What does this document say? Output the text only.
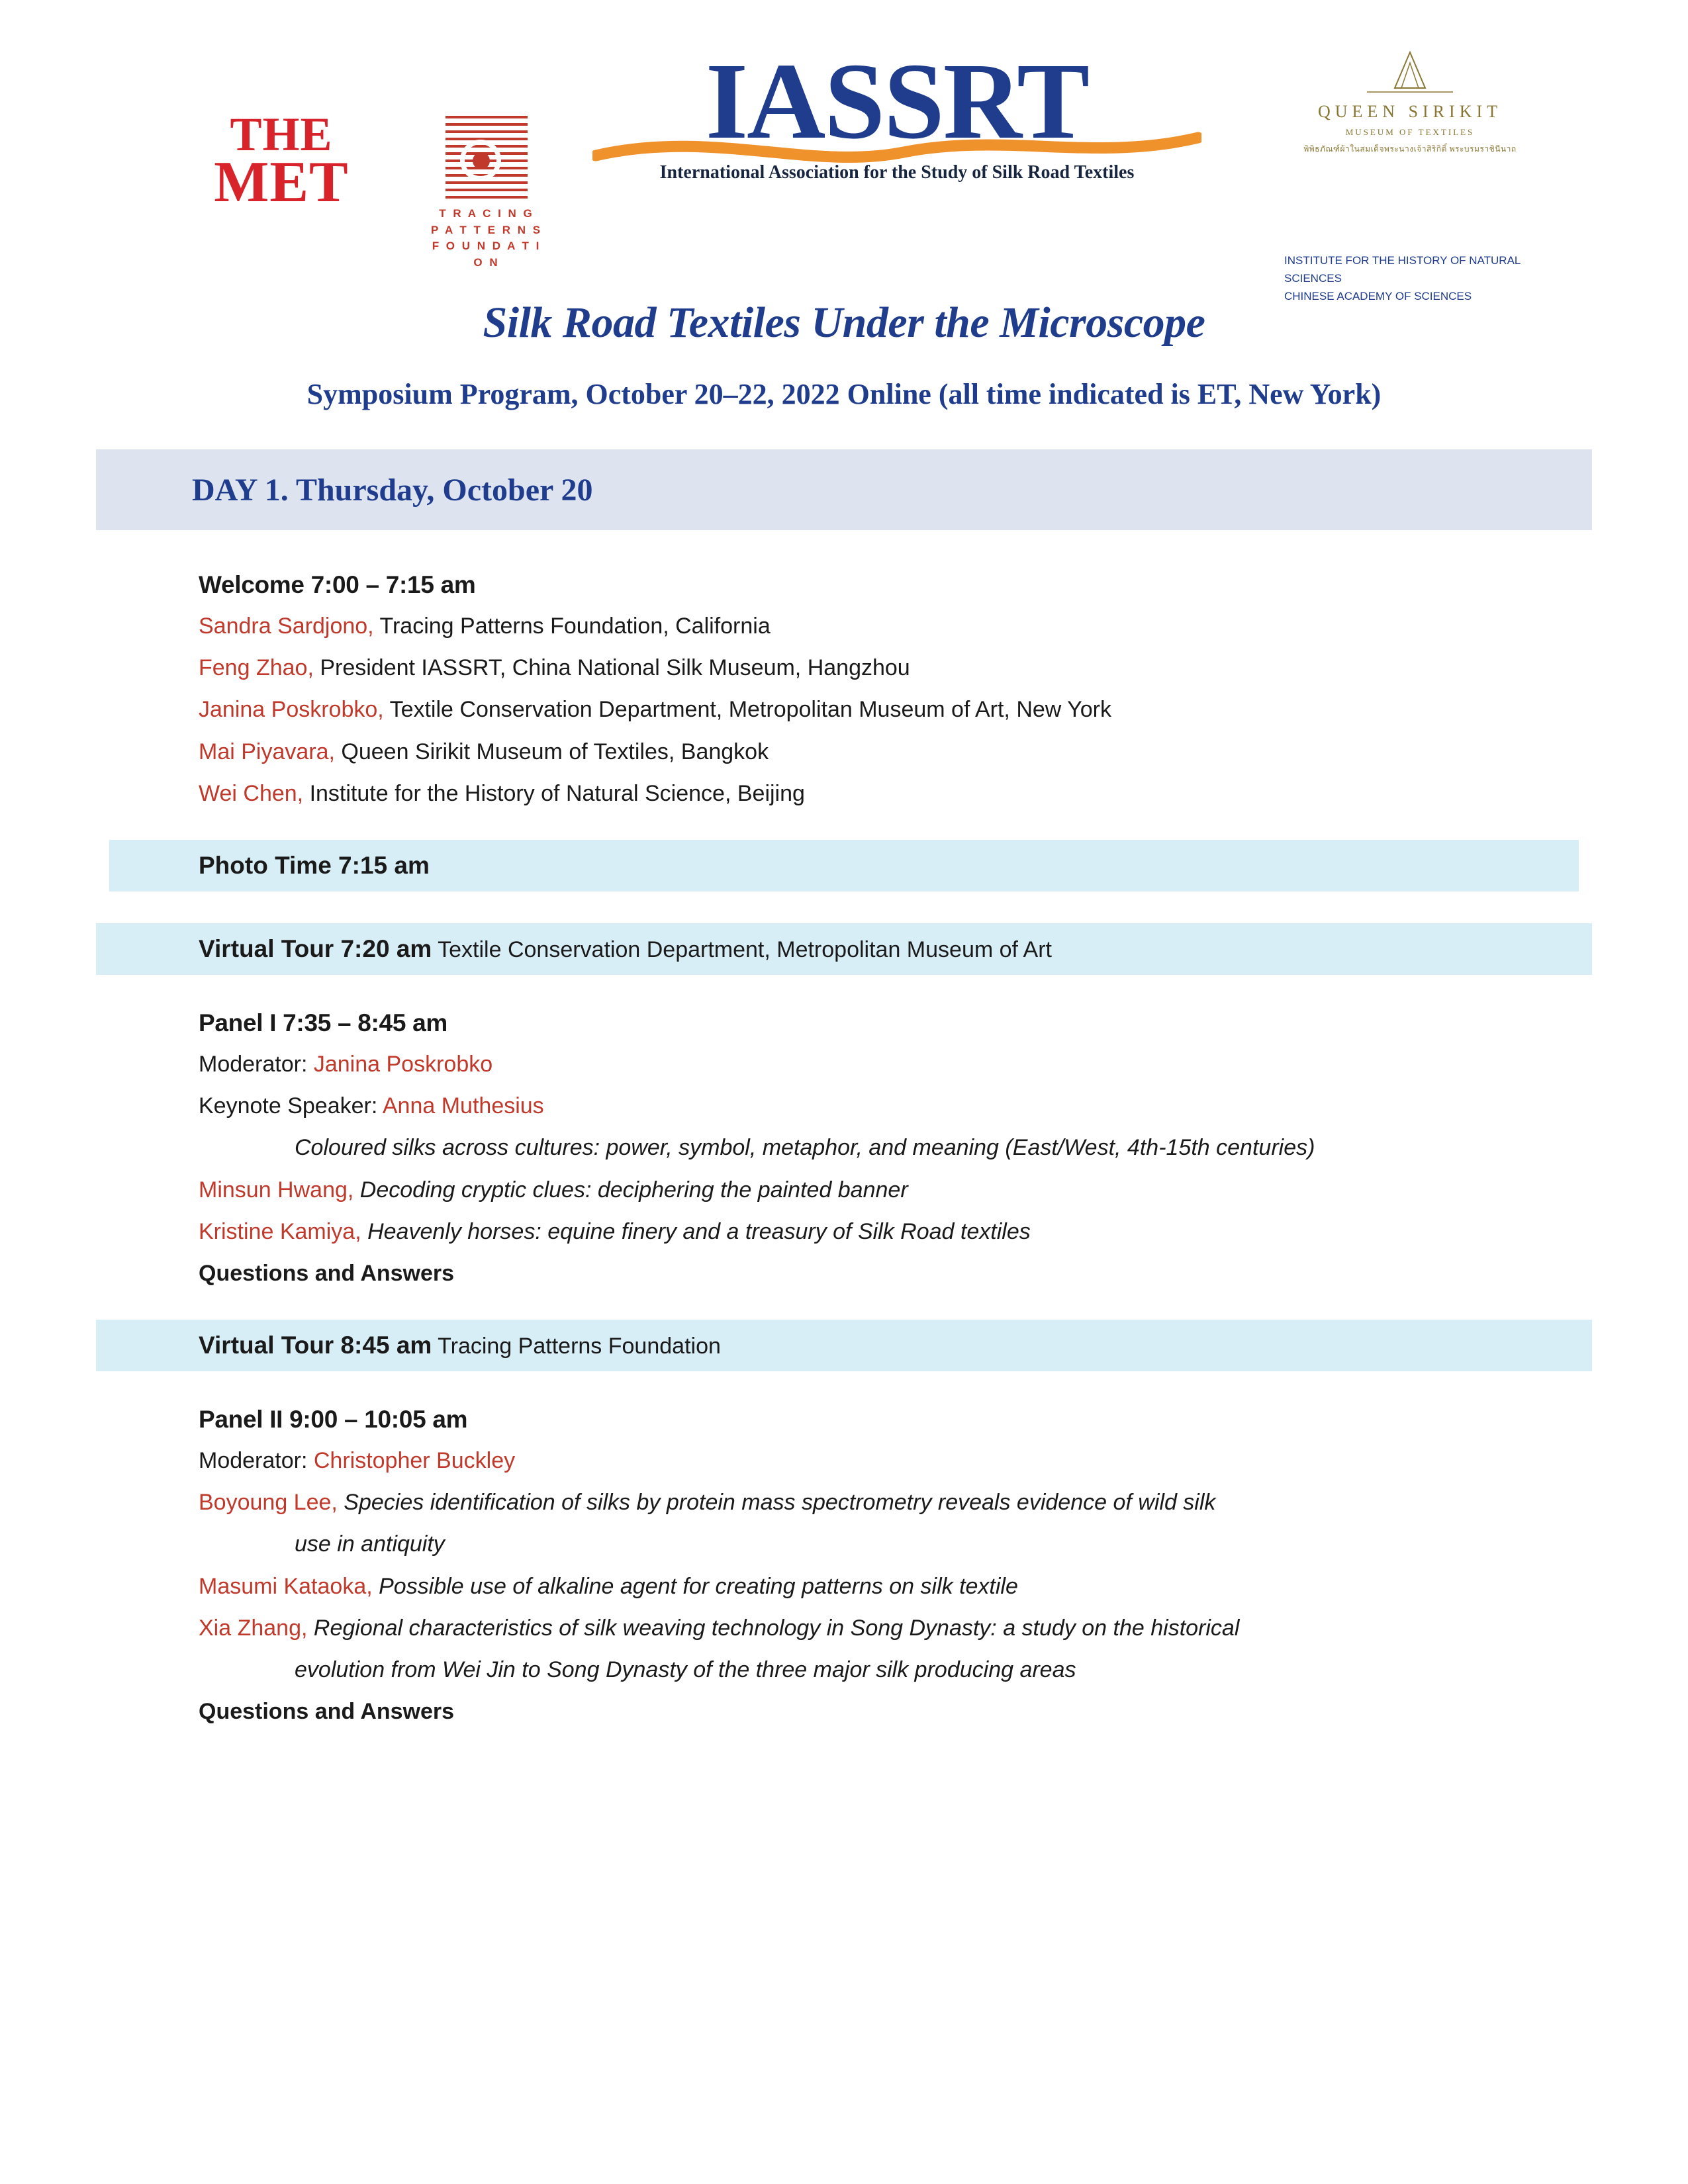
THE
MET	T R A C I N G
P A T T E R N S
F O U N D A T I O N
IASSRT
International Association for the Study of Silk Road Textiles
QUEEN SIRIKIT
MUSEUM OF TEXTILES
พิพิธภัณฑ์ผ้าในสมเด็จพระนางเจ้าสิริกิติ์ พระบรมราชินีนาถ
INSTITUTE FOR THE HISTORY OF NATURAL SCIENCES
CHINESE ACADEMY OF SCIENCES
Silk Road Textiles Under the Microscope
Symposium Program, October 20–22, 2022 Online (all time indicated is ET, New York)
DAY 1. Thursday, October 20
Welcome 7:00 – 7:15 am
Sandra Sardjono, Tracing Patterns Foundation, California
Feng Zhao, President IASSRT, China National Silk Museum, Hangzhou
Janina Poskrobko, Textile Conservation Department, Metropolitan Museum of Art, New York
Mai Piyavara, Queen Sirikit Museum of Textiles, Bangkok
Wei Chen, Institute for the History of Natural Science, Beijing
Photo Time 7:15 am
Virtual Tour 7:20 am Textile Conservation Department, Metropolitan Museum of Art
Panel I 7:35 – 8:45 am
Moderator: Janina Poskrobko
Keynote Speaker: Anna Muthesius
Coloured silks across cultures: power, symbol, metaphor, and meaning (East/West, 4th-15th centuries)
Minsun Hwang, Decoding cryptic clues: deciphering the painted banner
Kristine Kamiya, Heavenly horses: equine finery and a treasury of Silk Road textiles
Questions and Answers
Virtual Tour 8:45 am Tracing Patterns Foundation
Panel II 9:00 – 10:05 am
Moderator: Christopher Buckley
Boyoung Lee, Species identification of silks by protein mass spectrometry reveals evidence of wild silk
use in antiquity
Masumi Kataoka, Possible use of alkaline agent for creating patterns on silk textile
Xia Zhang, Regional characteristics of silk weaving technology in Song Dynasty: a study on the historical
evolution from Wei Jin to Song Dynasty of the three major silk producing areas
Questions and Answers
